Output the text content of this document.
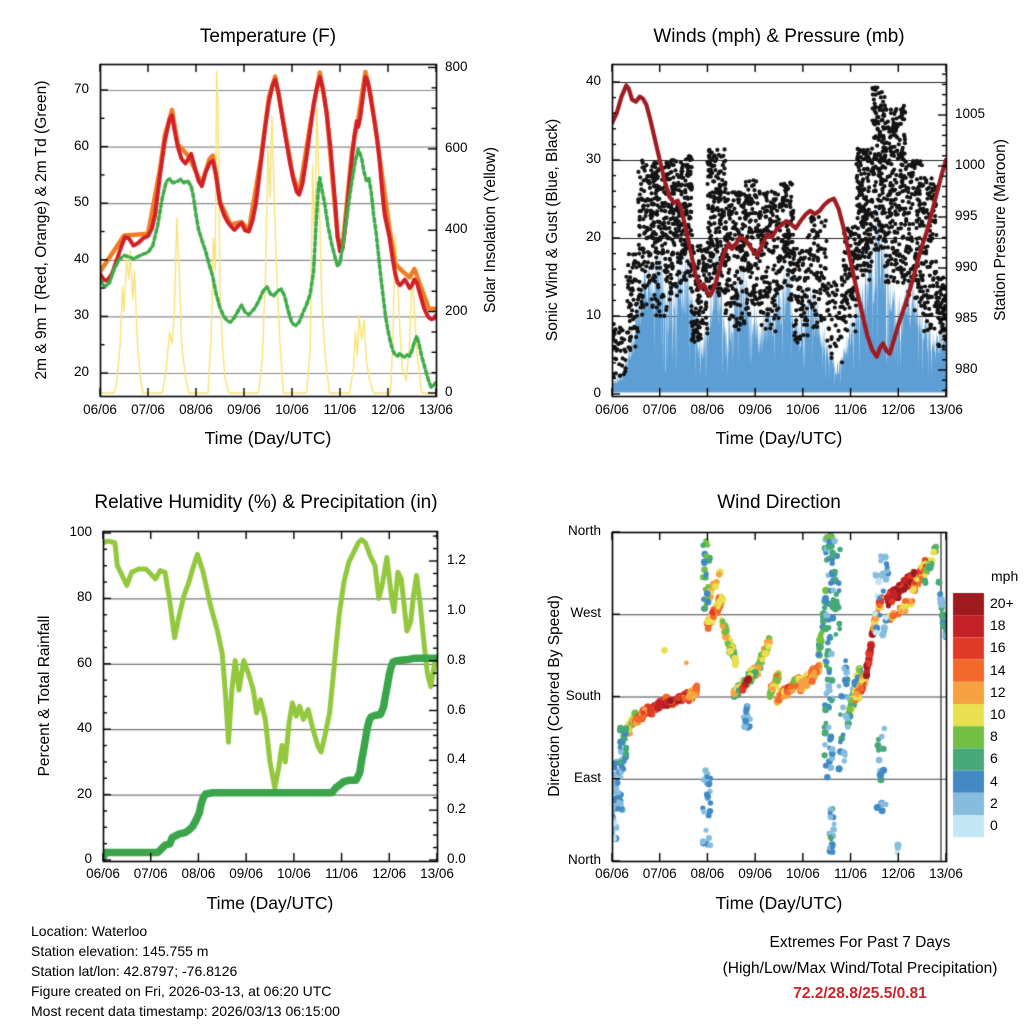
Temperature (F)
2m & 9m T (Red, Orange) & 2m Td (Green)	Solar Insolation (Yellow)
Time (Day/UTC)
Winds (mph) & Pressure (mb)
Sonic Wind & Gust (Blue, Black)	Station Pressure (Maroon)
Time (Day/UTC)
Relative Humidity (%) & Precipitation (in)
Percent & Total Rainfall
Time (Day/UTC)
Wind Direction
Direction (Colored By Speed)
Time (Day/UTC)
mph
20+
18
16
14
12
10
8
6
4
2
0
Location: Waterloo
Station elevation: 145.755 m
Station lat/lon: 42.8797; -76.8126
Figure created on Fri, 2026-03-13, at 06:20 UTC
Most recent data timestamp: 2026/03/13 06:15:00
Extremes For Past 7 Days
(High/Low/Max Wind/Total Precipitation)
72.2/28.8/25.5/0.81
20
30
40
50
60
70
0
200
400
600
800
06/06	07/06	08/06	09/06	10/06	11/06	12/06	13/06
0
10
20
30
40
980
985
990
995
1000
1005
06/06	07/06	08/06	09/06	10/06	11/06	12/06	13/06
0
20
40
60
80
100
0.0
0.2
0.4
0.6
0.8
1.0
1.2
06/06	07/06	08/06	09/06	10/06	11/06	12/06	13/06
North
West
South
East
North
06/06	07/06	08/06	09/06	10/06	11/06	12/06	13/06
